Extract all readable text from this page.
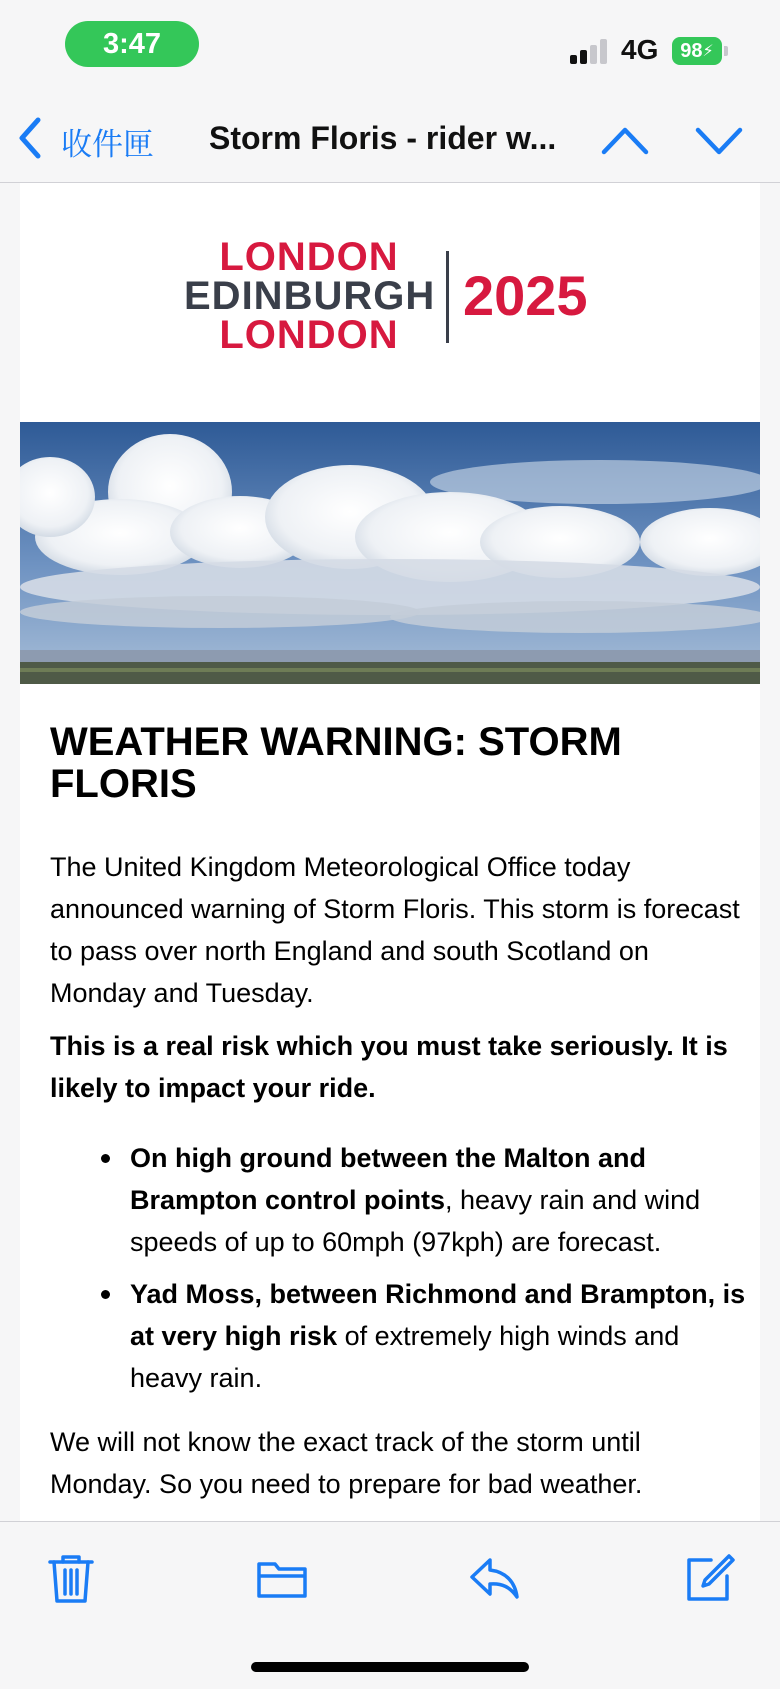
3:47	4G 98 ⚡
收件匣 Storm Floris - rider w...
LONDON
EDINBURGH
LONDON
2025
WEATHER WARNING: STORM FLORIS

The United Kingdom Meteorological Office today announced warning of Storm Floris. This storm is forecast to pass over north England and south Scotland on Monday and Tuesday.

This is a real risk which you must take seriously. It is likely to impact your ride.

On high ground between the Malton and Brampton control points, heavy rain and wind speeds of up to 60mph (97kph) are forecast.
Yad Moss, between Richmond and Brampton, is at very high risk of extremely high winds and heavy rain.

We will not know the exact track of the storm until Monday. So you need to prepare for bad weather.
